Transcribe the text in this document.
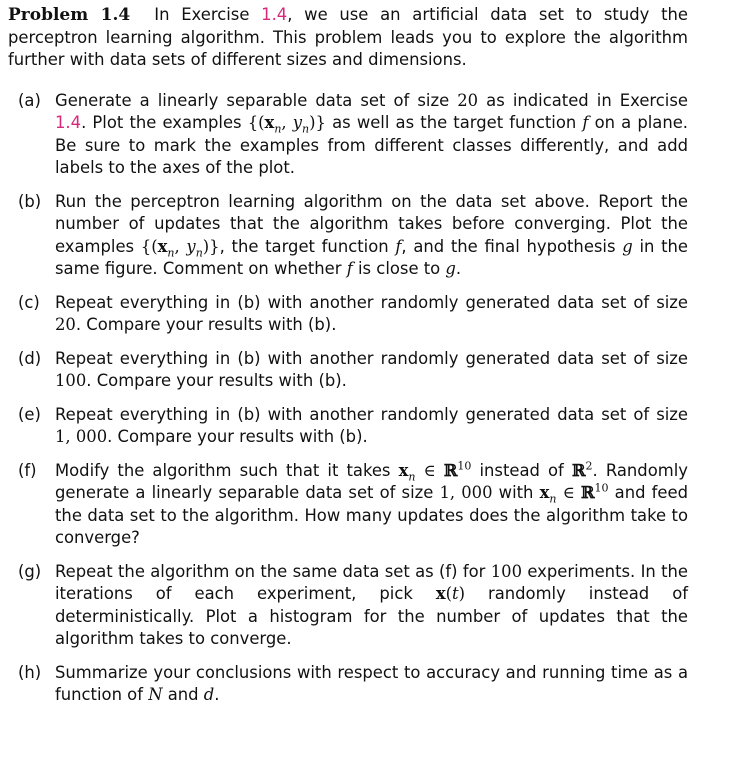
Problem 1.4 In Exercise 1.4, we use an artificial data set to study the perceptron learning algorithm. This problem leads you to explore the algorithm further with data sets of different sizes and dimensions.

(a) Generate a linearly separable data set of size 20 as indicated in Exercise 1.4. Plot the examples {($x_n$, $y_n$)} as well as the target function f on a plane. Be sure to mark the examples from different classes differently, and add labels to the axes of the plot.
(b) Run the perceptron learning algorithm on the data set above. Report the number of updates that the algorithm takes before converging. Plot the examples {($x_n$, $y_n$)}, the target function f, and the final hypothesis g in the same figure. Comment on whether f is close to g.
(c) Repeat everything in (b) with another randomly generated data set of size 20. Compare your results with (b).
(d) Repeat everything in (b) with another randomly generated data set of size 100. Compare your results with (b).
(e) Repeat everything in (b) with another randomly generated data set of size 1, 000. Compare your results with (b).
(f)	Modify the algorithm such that it takes $x_n$ ∈ ℝ$^{10}$ instead of ℝ$^2$. Randomly generate a linearly separable data set of size 1, 000 with $x_n$ ∈ ℝ$^{10}$ and feed the data set to the algorithm. How many updates does the algorithm take to converge?
(g) Repeat the algorithm on the same data set as (f) for 100 experiments. In the iterations of each experiment, pick x(t) randomly instead of deterministically. Plot a histogram for the number of updates that the algorithm takes to converge.
(h) Summarize your conclusions with respect to accuracy and running time as a function of N and d.
